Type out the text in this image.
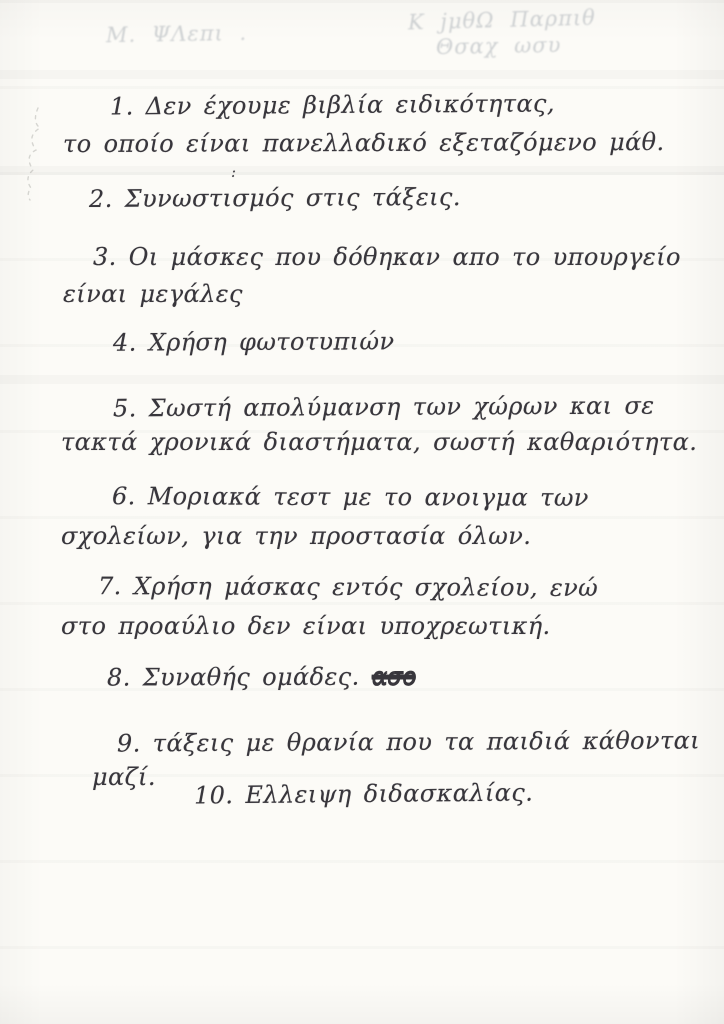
Μ. ΨΛεπι .	Κ ϳμθΩ Παρπιθ
Θσαχ ωσυ
1. Δεν έχουμε βιβλία ειδικότητας,
το οποίο είναι πανελλαδικό εξεταζόμενο μάθ.
:
2. Συνωστισμός στις τάξεις.
3. Οι μάσκες που δόθηκαν απο το υπουργείο
είναι μεγάλες
4. Χρήση φωτοτυπιών
5. Σωστή απολύμανση των χώρων και σε
τακτά χρονικά διαστήματα, σωστή καθαριότητα.
6. Μοριακά τεστ με το ανοιγμα των
σχολείων, για την προστασία όλων.
7. Χρήση μάσκας εντός σχολείου, ενώ
στο προαύλιο δεν είναι υποχρεωτική.
8. Συναθής ομάδες. ασο
9. τάξεις με θρανία που τα παιδιά κάθονται
μαζί.
10. Ελλειψη διδασκαλίας.
